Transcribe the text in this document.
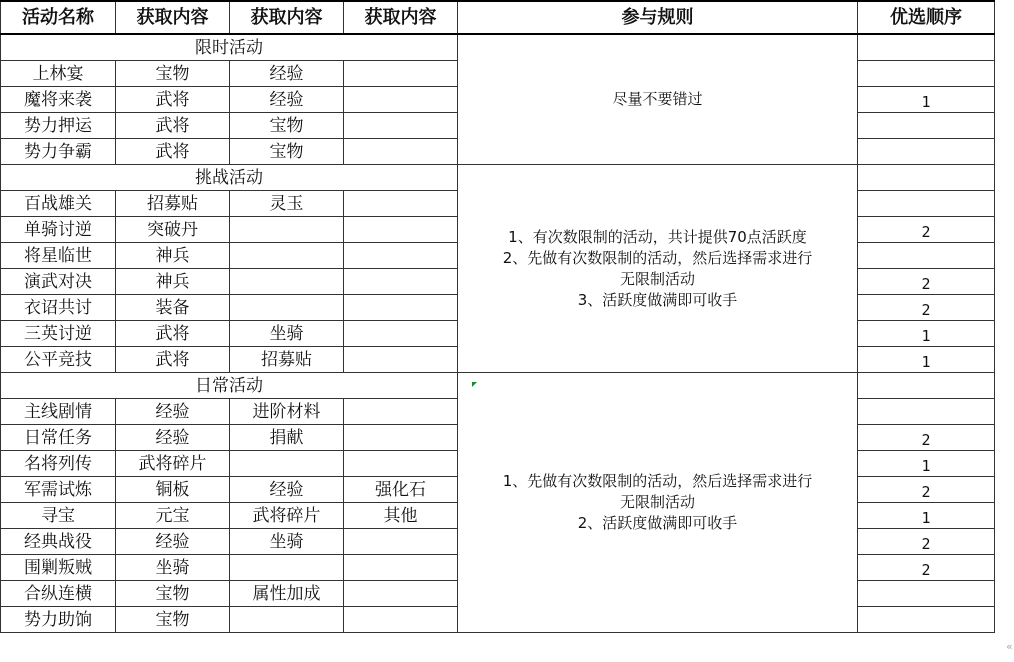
活动名称	获取内容	获取内容	获取内容	参与规则	优选顺序
限时活动				尽量不要错过	

上林宴	宝物	经验			
魔将来袭	武将	经验			1
势力押运	武将	宝物			
势力争霸	武将	宝物			
挑战活动				1、有次数限制的活动，共计提供70点活跃度
2、先做有次数限制的活动，然后选择需求进行
无限制活动
3、活跃度做满即可收手	

百战雄关	招募贴	灵玉			
单骑讨逆	突破丹				2
将星临世	神兵				
演武对决	神兵				2
衣诏共讨	装备				2
三英讨逆	武将	坐骑			1
公平竞技	武将	招募贴			1
日常活动				1、先做有次数限制的活动，然后选择需求进行
无限制活动
2、活跃度做满即可收手	

主线剧情	经验	进阶材料			
日常任务	经验	捐献			2
名将列传	武将碎片				1
军需试炼	铜板	经验	强化石		2
寻宝	元宝	武将碎片	其他		1
经典战役	经验	坐骑			2
围剿叛贼	坐骑				2
合纵连横	宝物	属性加成			
势力助饷	宝物				
«
